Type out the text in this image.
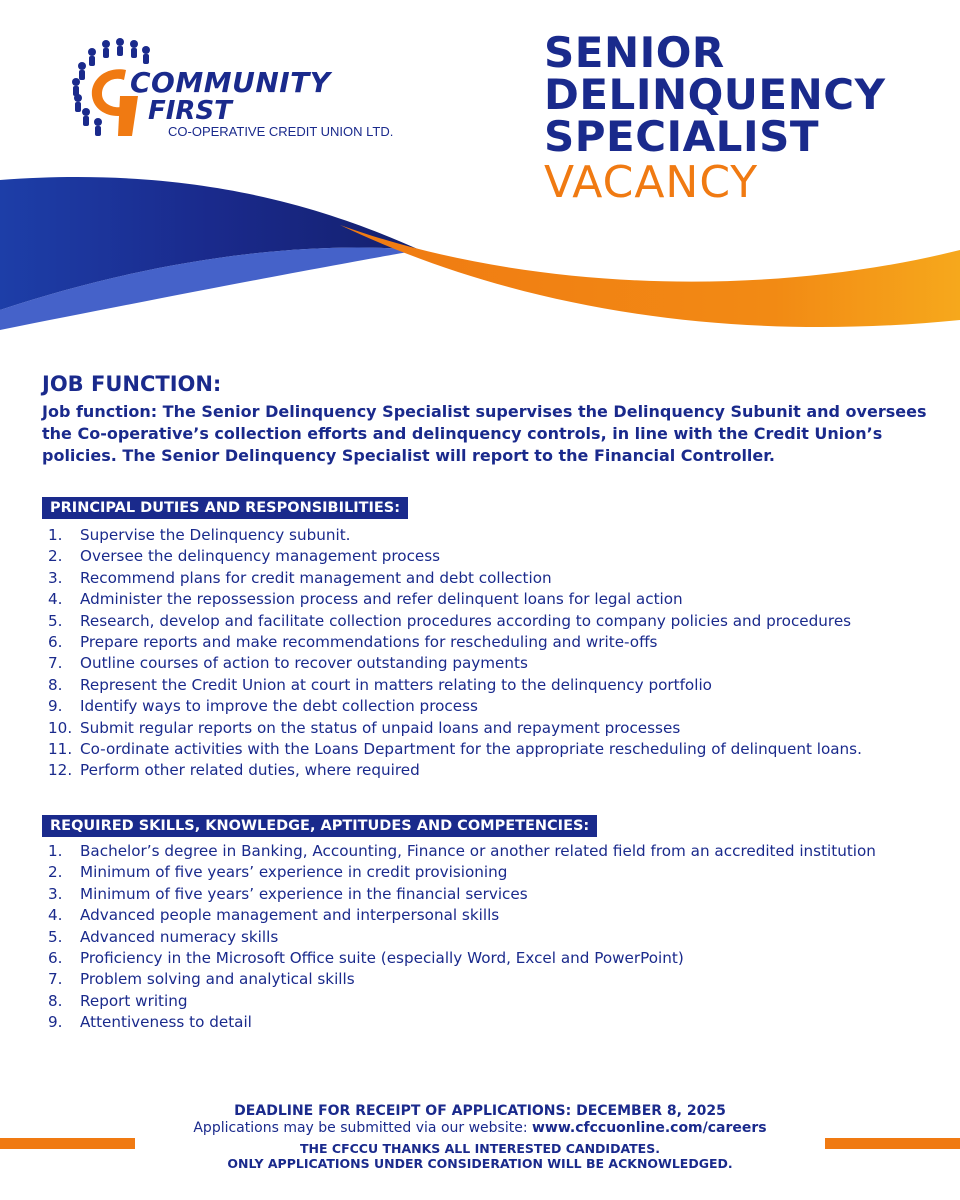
COMMUNITY
FIRST
CO-OPERATIVE CREDIT UNION LTD.
SENIOR
DELINQUENCY
SPECIALIST
VACANCY
JOB FUNCTION:
Job function: The Senior Delinquency Specialist supervises the Delinquency Subunit and oversees the Co-operative’s collection efforts and delinquency controls, in line with the Credit Union’s policies. The Senior Delinquency Specialist will report to the Financial Controller.
PRINCIPAL DUTIES AND RESPONSIBILITIES:
1.	Supervise the Delinquency subunit.
2.	Oversee the delinquency management process
3.	Recommend plans for credit management and debt collection
4.	Administer the repossession process and refer delinquent loans for legal action
5.	Research, develop and facilitate collection procedures according to company policies and procedures
6.	Prepare reports and make recommendations for rescheduling and write-offs
7.	Outline courses of action to recover outstanding payments
8.	Represent the Credit Union at court in matters relating to the delinquency portfolio
9.	Identify ways to improve the debt collection process
10. Submit regular reports on the status of unpaid loans and repayment processes
11. Co-ordinate activities with the Loans Department for the appropriate rescheduling of delinquent loans.
12. Perform other related duties, where required
REQUIRED SKILLS, KNOWLEDGE, APTITUDES AND COMPETENCIES:
1.	Bachelor’s degree in Banking, Accounting, Finance or another related field from an accredited institution
2.	Minimum of five years’ experience in credit provisioning
3.	Minimum of five years’ experience in the financial services
4.	Advanced people management and interpersonal skills
5.	Advanced numeracy skills
6.	Proficiency in the Microsoft Office suite (especially Word, Excel and PowerPoint)
7.	Problem solving and analytical skills
8.	Report writing
9.	Attentiveness to detail
DEADLINE FOR RECEIPT OF APPLICATIONS: DECEMBER 8, 2025
Applications may be submitted via our website: www.cfccuonline.com/careers
THE CFCCU THANKS ALL INTERESTED CANDIDATES.
ONLY APPLICATIONS UNDER CONSIDERATION WILL BE ACKNOWLEDGED.
